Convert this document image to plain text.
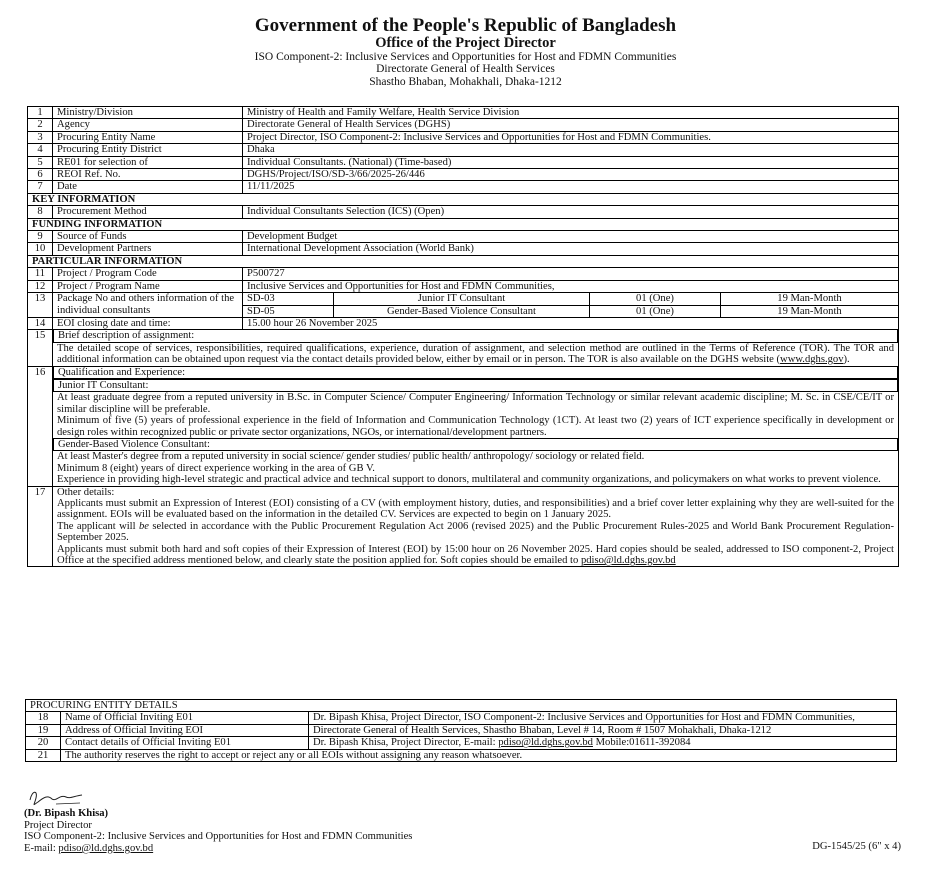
Government of the People's Republic of Bangladesh
Office of the Project Director
ISO Component-2: Inclusive Services and Opportunities for Host and FDMN Communities
Directorate General of Health Services
Shastho Bhaban, Mohakhali, Dhaka-1212
1	Ministry/Division	Ministry of Health and Family Welfare, Health Service Division
2	Agency	Directorate General of Health Services (DGHS)
3	Procuring Entity Name	Project Director, ISO Component-2: Inclusive Services and Opportunities for Host and FDMN Communities.
4	Procuring Entity District	Dhaka
5	RE01 for selection of	Individual Consultants. (National) (Time-based)
6	REOI Ref. No.	DGHS/Project/ISO/SD-3/66/2025-26/446
7	Date	11/11/2025
KEY INFORMATION
8	Procurement Method	Individual Consultants Selection (ICS) (Open)
FUNDING INFORMATION
9	Source of Funds	Development Budget
10	Development Partners	International Development Association (World Bank)
PARTICULAR INFORMATION
11	Project / Program Code	P500727
12	Project / Program Name	Inclusive Services and Opportunities for Host and FDMN Communities,
13	Package No and others information of the individual consultants	
SD-03	Junior IT Consultant	01 (One)	19 Man-Month
SD-05	Gender-Based Violence Consultant	01 (One)	19 Man-Month

14	EOI closing date and time:	15.00 hour 26 November 2025
15	Brief description of assignment:
The detailed scope of services, responsibilities, required qualifications, experience, duration of assignment, and selection method are outlined in the Terms of Reference (TOR). The TOR and additional information can be obtained upon request via the contact details provided below, either by email or in person. The TOR is also available on the DGHS website (www.dghs.gov).

16	Qualification and Experience:
Junior IT Consultant:
At least graduate degree from a reputed university in B.Sc. in Computer Science/ Computer Engineering/ Information Technology or similar relevant academic discipline; M. Sc. in CSE/CE/IT or similar discipline will be preferable.
Minimum of five (5) years of professional experience in the field of Information and Communication Technology (1CT). At least two (2) years of ICT experience specifically in development or design roles within recognized public or private sector organizations, NGOs, or international/development partners.
Gender-Based Violence Consultant:
At least Master's degree from a reputed university in social science/ gender studies/ public health/ anthropology/ sociology or related field.
Minimum 8 (eight) years of direct experience working in the area of GB V.
Experience in providing high-level strategic and practical advice and technical support to donors, multilateral and community organizations, and policymakers on what works to prevent violence.

17	Other details:
Applicants must submit an Expression of Interest (EOI) consisting of a CV (with employment history, duties, and responsibilities) and a brief cover letter explaining why they are well-suited for the assignment. EOIs will be evaluated based on the information in the detailed CV. Services are expected to begin on 1 January 2025.
The applicant will be selected in accordance with the Public Procurement Regulation Act 2006 (revised 2025) and the Public Procurement Rules-2025 and World Bank Procurement Regulation- September 2025.
Applicants must submit both hard and soft copies of their Expression of Interest (EOI) by 15:00 hour on 26 November 2025. Hard copies should be sealed, addressed to ISO component-2, Project Office at the specified address mentioned below, and clearly state the position applied for. Soft copies should be emailed to pdiso@ld.dghs.gov.bd
PROCURING ENTITY DETAILS		
18	Name of Official Inviting E01	Dr. Bipash Khisa, Project Director, ISO Component-2: Inclusive Services and Opportunities for Host and FDMN Communities,
19	Address of Official Inviting EOI	Directorate General of Health Services, Shastho Bhaban, Level # 14, Room # 1507 Mohakhali, Dhaka-1212
20	Contact details of Official Inviting E01	Dr. Bipash Khisa, Project Director, E-mail: pdiso@ld.dghs.gov.bd Mobile:01611-392084
21	The authority reserves the right to accept or reject any or all EOIs without assigning any reason whatsoever.	
(Dr. Bipash Khisa)
Project Director
ISO Component-2: Inclusive Services and Opportunities for Host and FDMN Communities
E-mail: pdiso@ld.dghs.gov.bd	DG-1545/25 (6" x 4)
